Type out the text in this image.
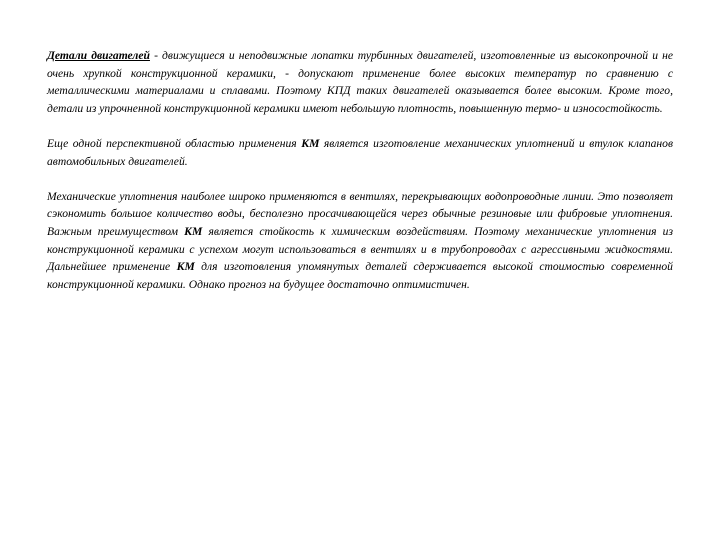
Детали двигателей - движущиеся и неподвижные лопатки турбинных двигателей, изготовленные из высокопрочной и не очень хрупкой конструкционной керамики, - допускают применение более высоких температур по сравнению с металлическими материалами и сплавами. Поэтому КПД таких двигателей оказывается более высоким. Кроме того, детали из упрочненной конструкционной керамики имеют небольшую плотность, повышенную термо- и износостойкость.

Еще одной перспективной областью применения КМ является изготовление механических уплотнений и втулок клапанов автомобильных двигателей.

Механические уплотнения наиболее широко применяются в вентилях, перекрывающих водопроводные линии. Это позволяет сэкономить большое количество воды, бесполезно просачивающейся через обычные резиновые или фибровые уплотнения. Важным преимуществом КМ является стойкость к химическим воздействиям. Поэтому механические уплотнения из конструкционной керамики с успехом могут использоваться в вентилях и в трубопроводах с агрессивными жидкостями. Дальнейшее применение КМ для изготовления упомянутых деталей сдерживается высокой стоимостью современной конструкционной керамики. Однако прогноз на будущее достаточно оптимистичен.
